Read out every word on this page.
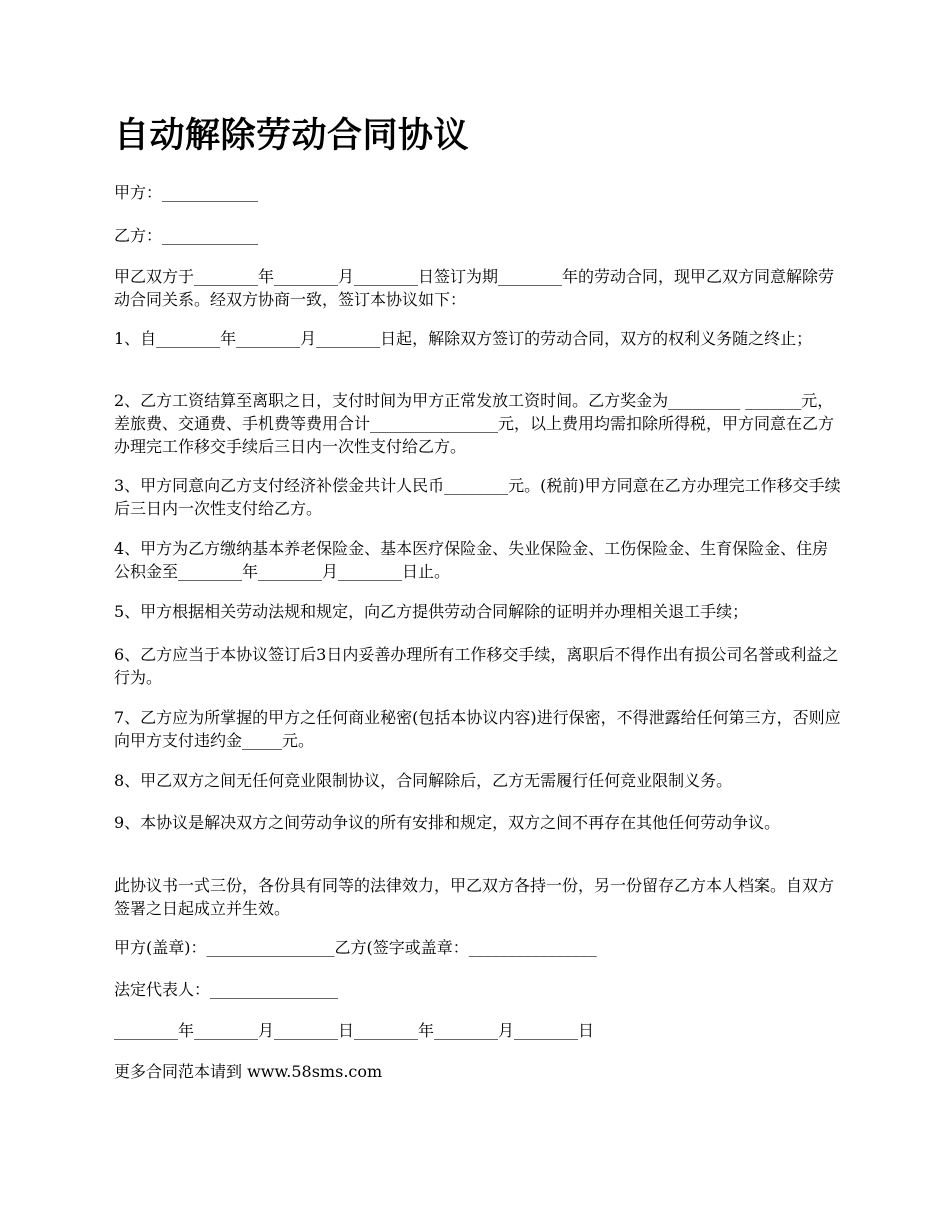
自动解除劳动合同协议

甲方：____________

乙方：____________

甲乙双方于________年________月________日签订为期________年的劳动合同，现甲乙双方同意解除劳动合同关系。经双方协商一致，签订本协议如下：

1、自________年________月________日起，解除双方签订的劳动合同，双方的权利义务随之终止；

2、乙方工资结算至离职之日，支付时间为甲方正常发放工资时间。乙方奖金为_________ _______元，差旅费、交通费、手机费等费用合计________________元，以上费用均需扣除所得税，甲方同意在乙方办理完工作移交手续后三日内一次性支付给乙方。

3、甲方同意向乙方支付经济补偿金共计人民币________元。(税前)甲方同意在乙方办理完工作移交手续后三日内一次性支付给乙方。

4、甲方为乙方缴纳基本养老保险金、基本医疗保险金、失业保险金、工伤保险金、生育保险金、住房公积金至________年________月________日止。

5、甲方根据相关劳动法规和规定，向乙方提供劳动合同解除的证明并办理相关退工手续；

6、乙方应当于本协议签订后3日内妥善办理所有工作移交手续，离职后不得作出有损公司名誉或利益之行为。

7、乙方应为所掌握的甲方之任何商业秘密(包括本协议内容)进行保密，不得泄露给任何第三方，否则应向甲方支付违约金_____元。

8、甲乙双方之间无任何竞业限制协议，合同解除后，乙方无需履行任何竞业限制义务。

9、本协议是解决双方之间劳动争议的所有安排和规定，双方之间不再存在其他任何劳动争议。

此协议书一式三份，各份具有同等的法律效力，甲乙双方各持一份，另一份留存乙方本人档案。自双方签署之日起成立并生效。

甲方(盖章)：________________乙方(签字或盖章：________________

法定代表人：________________

________年________月________日________年________月________日

更多合同范本请到 www.58sms.com
